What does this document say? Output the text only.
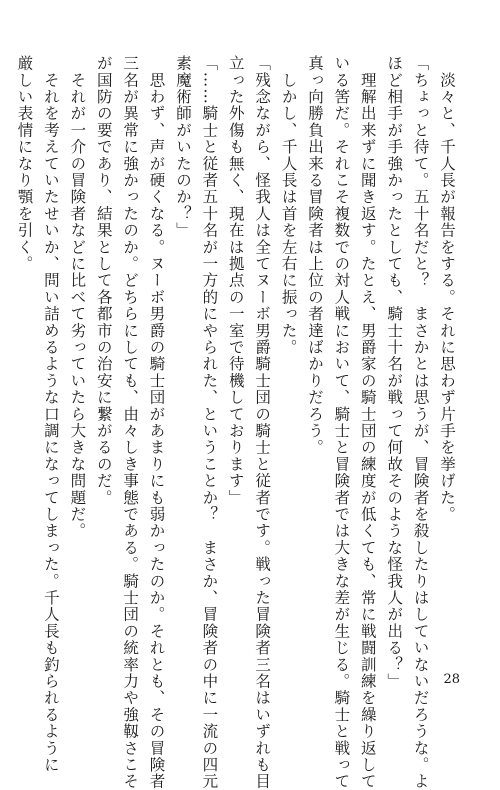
　淡々と、千人長が報告をする。それに思わず片手を挙げた。
「ちょっと待て。五十名だと？　まさかとは思うが、冒険者を殺したりはしていないだろうな。よ
ほど相手が手強かったとしても、騎士十名が戦って何故そのような怪我人が出る？」
　理解出来ずに聞き返す。たとえ、男爵家の騎士団の練度が低くても、常に戦闘訓練を繰り返して
いる筈だ。それこそ複数での対人戦において、騎士と冒険者では大きな差が生じる。騎士と戦って
真っ向勝負出来る冒険者は上位の者達ばかりだろう。
　しかし、千人長は首を左右に振った。
「残念ながら、怪我人は全てヌーボ男爵騎士団の騎士と従者です。戦った冒険者三名はいずれも目
立った外傷も無く、現在は拠点の一室で待機しております」
「……騎士と従者五十名が一方的にやられた、ということか？　まさか、冒険者の中に一流の四元
素魔術師がいたのか？」
　思わず、声が硬くなる。ヌーボ男爵の騎士団があまりにも弱かったのか。それとも、その冒険者
三名が異常に強かったのか。どちらにしても、由々しき事態である。騎士団の統率力や強靱さこそ
が国防の要であり、結果として各都市の治安に繋がるのだ。
　それが一介の冒険者などに比べて劣っていたら大きな問題だ。
　それを考えていたせいか、問い詰めるような口調になってしまった。千人長も釣られるように
厳しい表情になり顎を引く。
28
